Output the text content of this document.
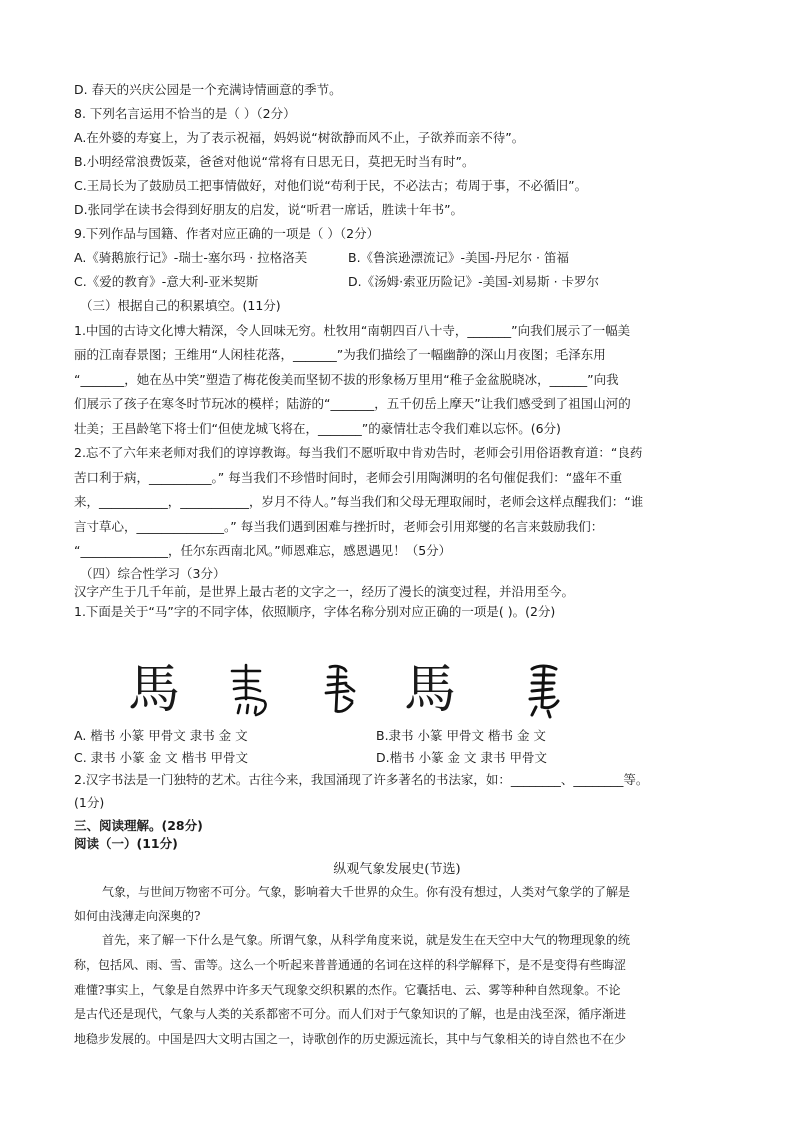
D. 春天的兴庆公园是一个充满诗情画意的季节。
8. 下列名言运用不恰当的是（ ）（2分）
A.在外婆的寿宴上，为了表示祝福，妈妈说“树欲静而风不止，子欲养而亲不待”。
B.小明经常浪费饭菜，爸爸对他说“常将有日思无日，莫把无时当有时”。
C.王局长为了鼓励员工把事情做好，对他们说“苟利于民，不必法古；苟周于事，不必循旧”。
D.张同学在读书会得到好朋友的启发，说“听君一席话，胜读十年书”。
9.下列作品与国籍、作者对应正确的一项是（ ）（2分）
A.《骑鹅旅行记》-瑞士-塞尔玛 · 拉格洛芙	B.《鲁滨逊漂流记》-美国-丹尼尔 · 笛福
C.《爱的教育》-意大利-亚米契斯	D.《汤姆·索亚历险记》-美国-刘易斯 · 卡罗尔
（三）根据自己的积累填空。(11分)
1.中国的古诗文化博大精深，令人回味无穷。杜牧用“南朝四百八十寺，_______”向我们展示了一幅美
丽的江南春景图；王维用“人闲桂花落，_______”为我们描绘了一幅幽静的深山月夜图；毛泽东用
“_______，她在丛中笑”塑造了梅花俊美而坚韧不拔的形象杨万里用“稚子金盆脱晓冰，______”向我
们展示了孩子在寒冬时节玩冰的模样；陆游的“_______，五千仞岳上摩天”让我们感受到了祖国山河的
壮美；王昌龄笔下将士们“但使龙城飞将在，_______”的豪情壮志令我们难以忘怀。(6分)
2.忘不了六年来老师对我们的谆谆教诲。每当我们不愿听取中肯劝告时，老师会引用俗语教育道：“良药
苦口利于病，__________。” 每当我们不珍惜时间时，老师会引用陶渊明的名句催促我们：“盛年不重
来，___________，___________，岁月不待人。”每当我们和父母无理取闹时，老师会这样点醒我们：“谁
言寸草心，______________。” 每当我们遇到困难与挫折时，老师会引用郑燮的名言来鼓励我们：
“______________，任尔东西南北风。”师恩难忘，感恩遇见！（5分）
（四）综合性学习（3分）
汉字产生于几千年前，是世界上最古老的文字之一，经历了漫长的演变过程，并沿用至今。
1.下面是关于“马”字的不同字体，依照顺序，字体名称分别对应正确的一项是( )。(2分)
馬	馬
A. 楷书 小篆 甲骨文 隶书 金 文	B.隶书 小篆 甲骨文 楷书 金 文
C. 隶书 小篆 金 文 楷书 甲骨文	D.楷书 小篆 金 文 隶书 甲骨文
2.汉字书法是一门独特的艺术。古往今来，我国涌现了许多著名的书法家，如：________、________等。
(1分)
三、阅读理解。(28分)
阅读（一）(11分)
纵观气象发展史(节选)
气象，与世间万物密不可分。气象，影响着大千世界的众生。你有没有想过，人类对气象学的了解是
如何由浅薄走向深奥的?
首先，来了解一下什么是气象。所谓气象，从科学角度来说，就是发生在天空中大气的物理现象的统
称，包括风、雨、雪、雷等。这么一个听起来普普通通的名词在这样的科学解释下，是不是变得有些晦涩
难懂?事实上，气象是自然界中许多天气现象交织积累的杰作。它囊括电、云、雾等种种自然现象。不论
是古代还是现代，气象与人类的关系都密不可分。而人们对于气象知识的了解，也是由浅至深，循序渐进
地稳步发展的。中国是四大文明古国之一，诗歌创作的历史源远流长，其中与气象相关的诗自然也不在少
